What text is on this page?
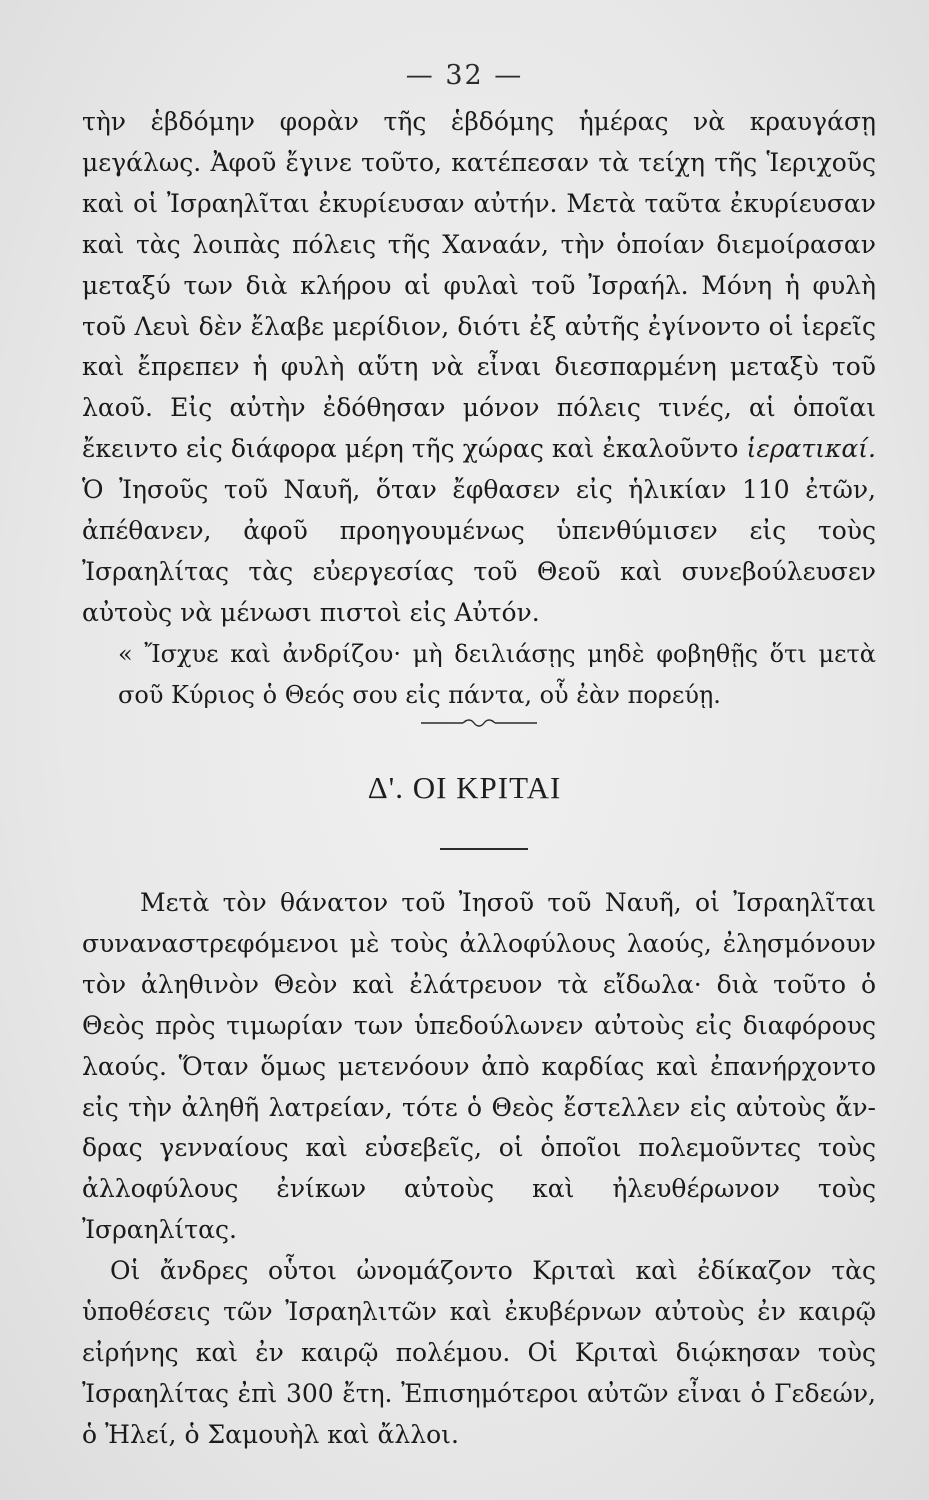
— 32 —

τὴν ἑβδόμην φορὰν τῆς ἑβδόμης ἡμέρας νὰ κραυγάσῃ μεγάλως. Ἀφοῦ ἔγινε τοῦτο, κατέπεσαν τὰ τείχη τῆς Ἱεριχοῦς καὶ οἱ Ἰσραηλῖται ἐκυρίευσαν αὐτήν. Μετὰ ταῦτα ἐκυρίευσαν καὶ τὰς λοιπὰς πόλεις τῆς Χαναάν, τὴν ὁποίαν διεμοίρασαν μεταξύ των διὰ κλήρου αἱ φυλαὶ τοῦ Ἰσραήλ. Μόνη ἡ φυλὴ τοῦ Λευὶ δὲν ἔλαβε μερίδιον, διότι ἐξ αὐτῆς ἐγίνοντο οἱ ἱερεῖς καὶ ἔπρεπεν ἡ φυλὴ αὕτη νὰ εἶναι διεσπαρμένη μεταξὺ τοῦ λαοῦ. Εἰς αὐτὴν ἐδόθησαν μόνον πόλεις τινές, αἱ ὁποῖαι ἔκειντο εἰς διάφορα μέρη τῆς χώρας καὶ ἐκαλοῦντο ἱερατικαί. Ὁ Ἰησοῦς τοῦ Ναυῆ, ὅταν ἔφθασεν εἰς ἡλικίαν 110 ἐτῶν, ἀπέθανεν, ἀφοῦ προηγουμένως ὑπενθύμισεν εἰς τοὺς Ἰσραηλίτας τὰς εὐεργεσίας τοῦ Θεοῦ καὶ συνεβούλευσεν αὐτοὺς νὰ μένωσι πιστοὶ εἰς Αὐτόν.

« Ἴσχυε καὶ ἀνδρίζου· μὴ δειλιάσῃς μηδὲ φοβηθῇς ὅτι μετὰ σοῦ Κύριος ὁ Θεός σου εἰς πάντα, οὗ ἐὰν πορεύῃ.

Δ'. ΟΙ ΚΡΙΤΑΙ

Μετὰ τὸν θάνατον τοῦ Ἰησοῦ τοῦ Ναυῆ, οἱ Ἰσραηλῖται συναναστρεφόμενοι μὲ τοὺς ἀλλοφύλους λαούς, ἐλησμόνουν τὸν ἀληθινὸν Θεὸν καὶ ἐλάτρευον τὰ εἴδωλα· διὰ τοῦτο ὁ Θεὸς πρὸς τιμωρίαν των ὑπεδούλωνεν αὐτοὺς εἰς διαφόρους λαούς. Ὅταν ὅμως μετενόουν ἀπὸ καρδίας καὶ ἐπανήρχοντο εἰς τὴν ἀληθῆ λατρείαν, τότε ὁ Θεὸς ἔστελλεν εἰς αὐτοὺς ἄνδρας γενναίους καὶ εὐσεβεῖς, οἱ ὁποῖοι πολεμοῦντες τοὺς ἀλλοφύλους ἐνίκων αὐτοὺς καὶ ἠλευθέρωνον τοὺς Ἰσραηλίτας.

Οἱ ἄνδρες οὗτοι ὠνομάζοντο Κριταὶ καὶ ἐδίκαζον τὰς ὑποθέσεις τῶν Ἰσραηλιτῶν καὶ ἐκυβέρνων αὐτοὺς ἐν καιρῷ εἰρήνης καὶ ἐν καιρῷ πολέμου. Οἱ Κριταὶ διῴκησαν τοὺς Ἰσραηλίτας ἐπὶ 300 ἔτη. Ἐπισημότεροι αὐτῶν εἶναι ὁ Γεδεών, ὁ Ἠλεί, ὁ Σαμουὴλ καὶ ἄλλοι.
